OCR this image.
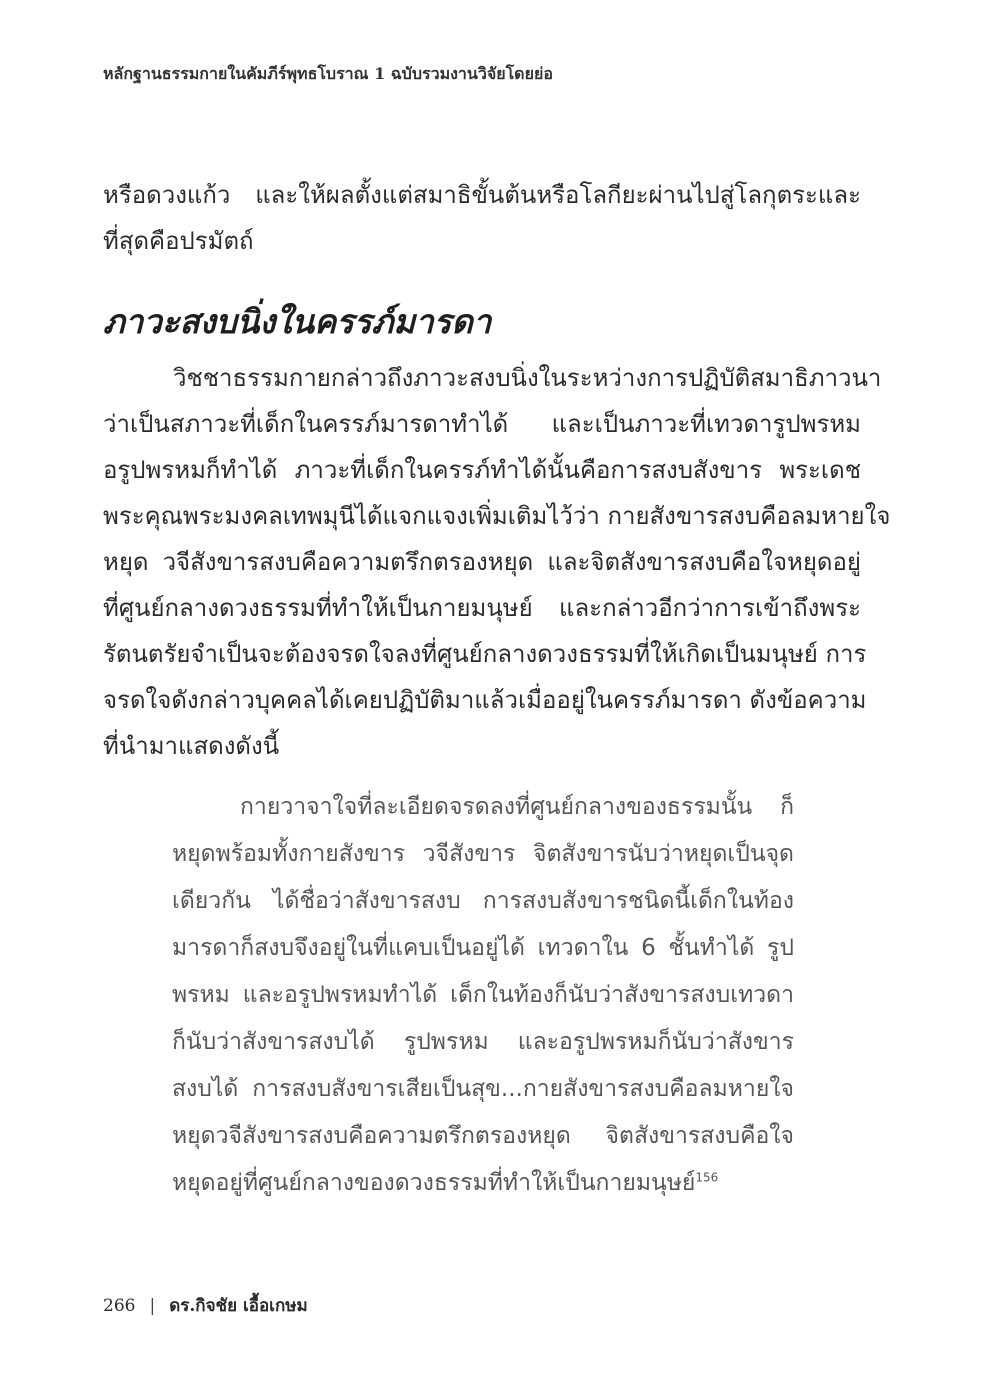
หลักฐานธรรมกายในคัมภีร์พุทธโบราณ 1 ฉบับรวมงานวิจัยโดยย่อ
หรือดวงแก้ว และให้ผลตั้งแต่สมาธิขั้นต้นหรือโลกียะผ่านไปสู่โลกุตระและ
ที่สุดคือปรมัตถ์
ภาวะสงบนิ่งในครรภ์มารดา
วิชชาธรรมกายกล่าวถึงภาวะสงบนิ่งในระหว่างการปฏิบัติสมาธิภาวนา
ว่าเป็นสภาวะที่เด็กในครรภ์มารดาทำได้ และเป็นภาวะที่เทวดารูปพรหม
อรูปพรหมก็ทำได้ ภาวะที่เด็กในครรภ์ทำได้นั้นคือการสงบสังขาร พระเดช
พระคุณพระมงคลเทพมุนีได้แจกแจงเพิ่มเติมไว้ว่า กายสังขารสงบคือลมหายใจ
หยุด วจีสังขารสงบคือความตรึกตรองหยุด และจิตสังขารสงบคือใจหยุดอยู่
ที่ศูนย์กลางดวงธรรมที่ทำให้เป็นกายมนุษย์ และกล่าวอีกว่าการเข้าถึงพระ
รัตนตรัยจำเป็นจะต้องจรดใจลงที่ศูนย์กลางดวงธรรมที่ให้เกิดเป็นมนุษย์ การ
จรดใจดังกล่าวบุคคลได้เคยปฏิบัติมาแล้วเมื่ออยู่ในครรภ์มารดา ดังข้อความ
ที่นำมาแสดงดังนี้
กายวาจาใจที่ละเอียดจรดลงที่ศูนย์กลางของธรรมนั้น ก็
หยุดพร้อมทั้งกายสังขาร วจีสังขาร จิตสังขารนับว่าหยุดเป็นจุด
เดียวกัน ได้ชื่อว่าสังขารสงบ การสงบสังขารชนิดนี้เด็กในท้อง
มารดาก็สงบจึงอยู่ในที่แคบเป็นอยู่ได้ เทวดาใน 6 ชั้นทำได้ รูป
พรหม และอรูปพรหมทำได้ เด็กในท้องก็นับว่าสังขารสงบเทวดา
ก็นับว่าสังขารสงบได้ รูปพรหม และอรูปพรหมก็นับว่าสังขาร
สงบได้ การสงบสังขารเสียเป็นสุข...กายสังขารสงบคือลมหายใจ
หยุดวจีสังขารสงบคือความตรึกตรองหยุด จิตสังขารสงบคือใจ
หยุดอยู่ที่ศูนย์กลางของดวงธรรมที่ทำให้เป็นกายมนุษย์$^{156}$
266 | ดร.กิจชัย เอื้อเกษม
